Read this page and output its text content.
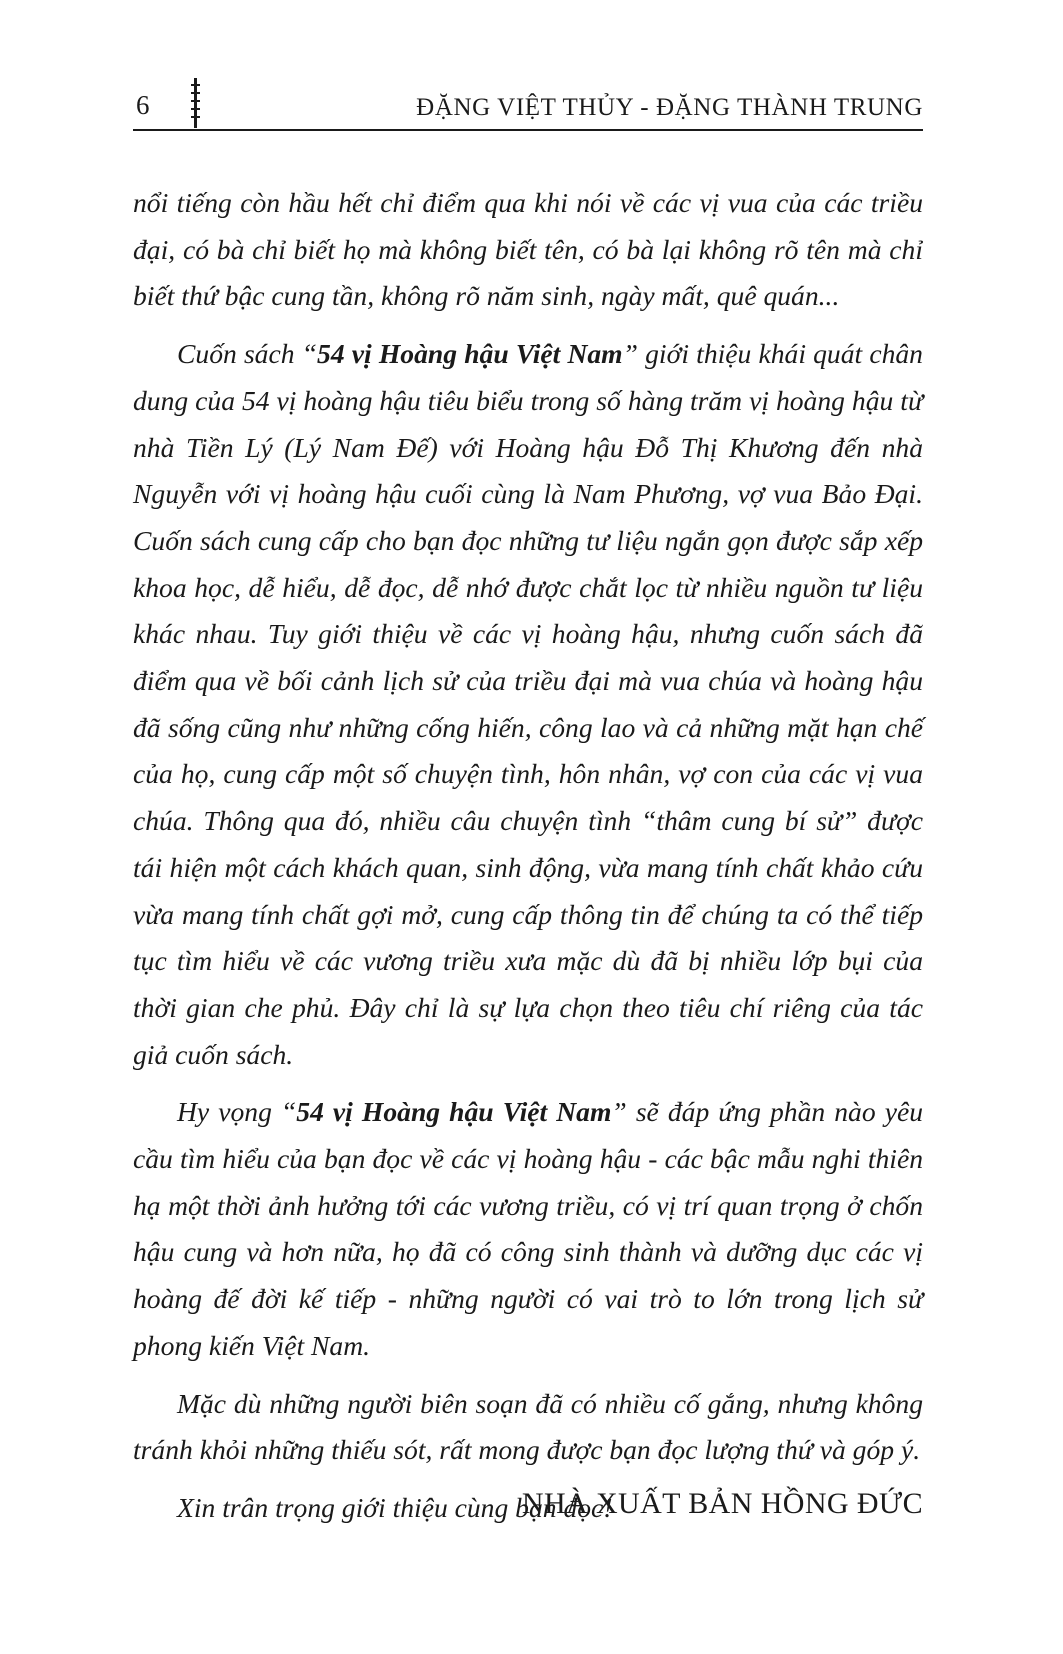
6	ĐẶNG VIỆT THỦY - ĐẶNG THÀNH TRUNG

nổi tiếng còn hầu hết chỉ điểm qua khi nói về các vị vua của các triều đại, có bà chỉ biết họ mà không biết tên, có bà lại không rõ tên mà chỉ biết thứ bậc cung tần, không rõ năm sinh, ngày mất, quê quán...

Cuốn sách “54 vị Hoàng hậu Việt Nam” giới thiệu khái quát chân dung của 54 vị hoàng hậu tiêu biểu trong số hàng trăm vị hoàng hậu từ nhà Tiền Lý (Lý Nam Đế) với Hoàng hậu Đỗ Thị Khương đến nhà Nguyễn với vị hoàng hậu cuối cùng là Nam Phương, vợ vua Bảo Đại. Cuốn sách cung cấp cho bạn đọc những tư liệu ngắn gọn được sắp xếp khoa học, dễ hiểu, dễ đọc, dễ nhớ được chắt lọc từ nhiều nguồn tư liệu khác nhau. Tuy giới thiệu về các vị hoàng hậu, nhưng cuốn sách đã điểm qua về bối cảnh lịch sử của triều đại mà vua chúa và hoàng hậu đã sống cũng như những cống hiến, công lao và cả những mặt hạn chế của họ, cung cấp một số chuyện tình, hôn nhân, vợ con của các vị vua chúa. Thông qua đó, nhiều câu chuyện tình “thâm cung bí sử” được tái hiện một cách khách quan, sinh động, vừa mang tính chất khảo cứu vừa mang tính chất gợi mở, cung cấp thông tin để chúng ta có thể tiếp tục tìm hiểu về các vương triều xưa mặc dù đã bị nhiều lớp bụi của thời gian che phủ. Đây chỉ là sự lựa chọn theo tiêu chí riêng của tác giả cuốn sách.

Hy vọng “54 vị Hoàng hậu Việt Nam” sẽ đáp ứng phần nào yêu cầu tìm hiểu của bạn đọc về các vị hoàng hậu - các bậc mẫu nghi thiên hạ một thời ảnh hưởng tới các vương triều, có vị trí quan trọng ở chốn hậu cung và hơn nữa, họ đã có công sinh thành và dưỡng dục các vị hoàng đế đời kế tiếp - những người có vai trò to lớn trong lịch sử phong kiến Việt Nam.

Mặc dù những người biên soạn đã có nhiều cố gắng, nhưng không tránh khỏi những thiếu sót, rất mong được bạn đọc lượng thứ và góp ý.

Xin trân trọng giới thiệu cùng bạn đọc!

NHÀ XUẤT BẢN HỒNG ĐỨC
